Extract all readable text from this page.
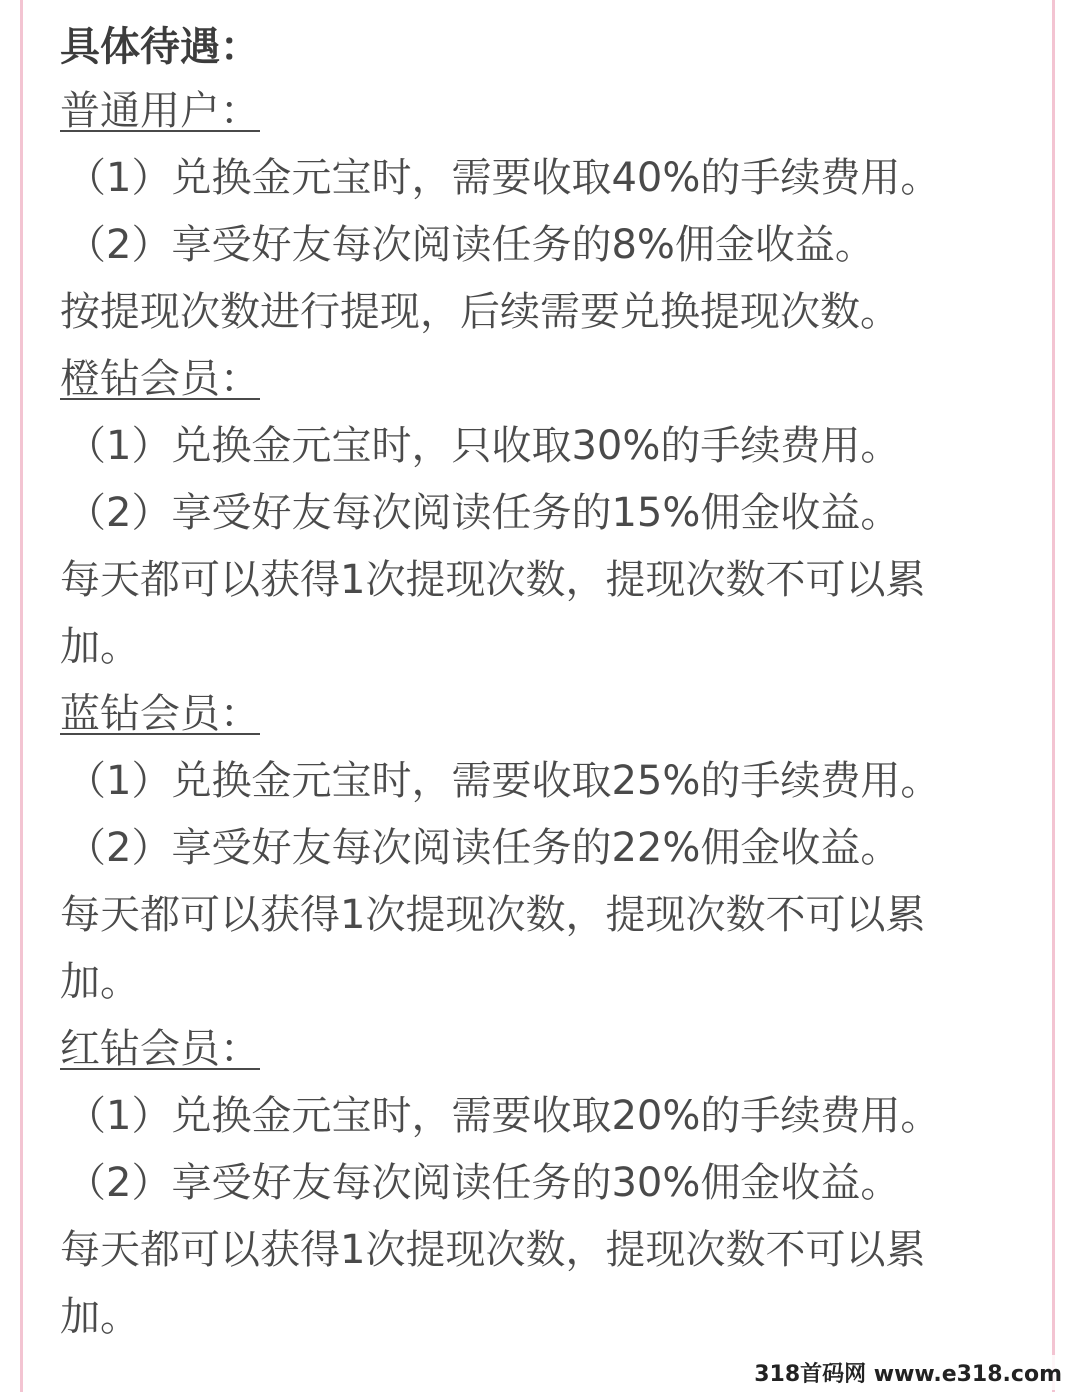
具体待遇：
普通用户：
（1）兑换金元宝时，需要收取40%的手续费用。
（2）享受好友每次阅读任务的8%佣金收益。
按提现次数进行提现，后续需要兑换提现次数。
橙钻会员：
（1）兑换金元宝时，只收取30%的手续费用。
（2）享受好友每次阅读任务的15%佣金收益。
每天都可以获得1次提现次数，提现次数不可以累
加。
蓝钻会员：
（1）兑换金元宝时，需要收取25%的手续费用。
（2）享受好友每次阅读任务的22%佣金收益。
每天都可以获得1次提现次数，提现次数不可以累
加。
红钻会员：
（1）兑换金元宝时，需要收取20%的手续费用。
（2）享受好友每次阅读任务的30%佣金收益。
每天都可以获得1次提现次数，提现次数不可以累
加。
318首码网 www.e318.com
